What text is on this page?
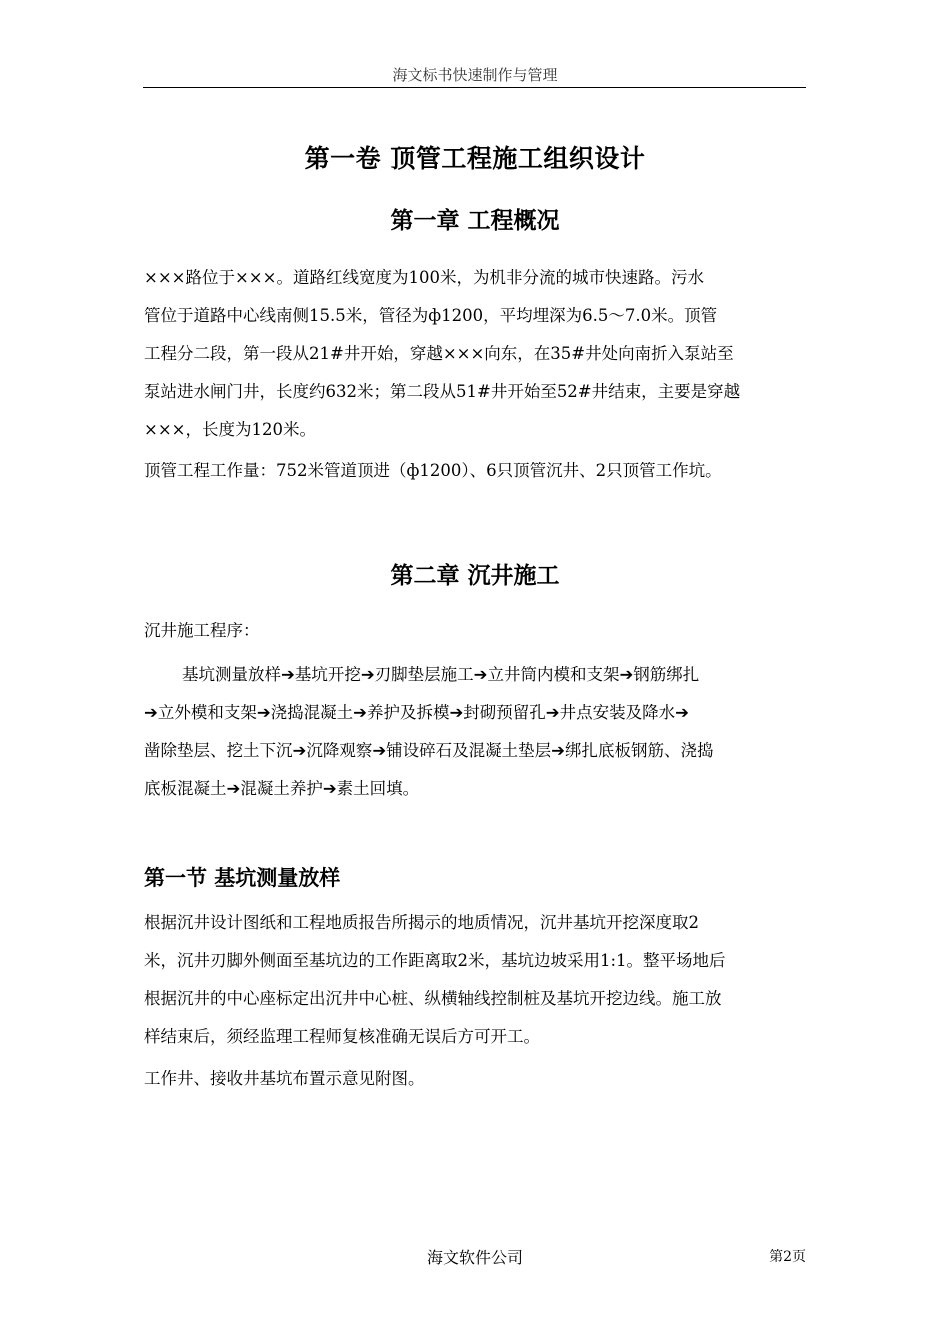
海文标书快速制作与管理
第一卷 顶管工程施工组织设计
第一章 工程概况
×××路位于×××。道路红线宽度为100米，为机非分流的城市快速路。污水
管位于道路中心线南侧15.5米，管径为ф1200，平均埋深为6.5～7.0米。顶管
工程分二段，第一段从21#井开始，穿越×××向东，在35#井处向南折入泵站至
泵站进水闸门井，长度约632米；第二段从51#井开始至52#井结束，主要是穿越
×××，长度为120米。
顶管工程工作量：752米管道顶进（ф1200）、6只顶管沉井、2只顶管工作坑。
第二章 沉井施工
沉井施工程序：
基坑测量放样➔基坑开挖➔刃脚垫层施工➔立井筒内模和支架➔钢筋绑扎
➔立外模和支架➔浇捣混凝土➔养护及拆模➔封砌预留孔➔井点安装及降水➔
凿除垫层、挖土下沉➔沉降观察➔铺设碎石及混凝土垫层➔绑扎底板钢筋、浇捣
底板混凝土➔混凝土养护➔素土回填。
第一节 基坑测量放样
根据沉井设计图纸和工程地质报告所揭示的地质情况，沉井基坑开挖深度取2
米，沉井刃脚外侧面至基坑边的工作距离取2米，基坑边坡采用1:1。整平场地后
根据沉井的中心座标定出沉井中心桩、纵横轴线控制桩及基坑开挖边线。施工放
样结束后，须经监理工程师复核准确无误后方可开工。
工作井、接收井基坑布置示意见附图。
海文软件公司	第2页
